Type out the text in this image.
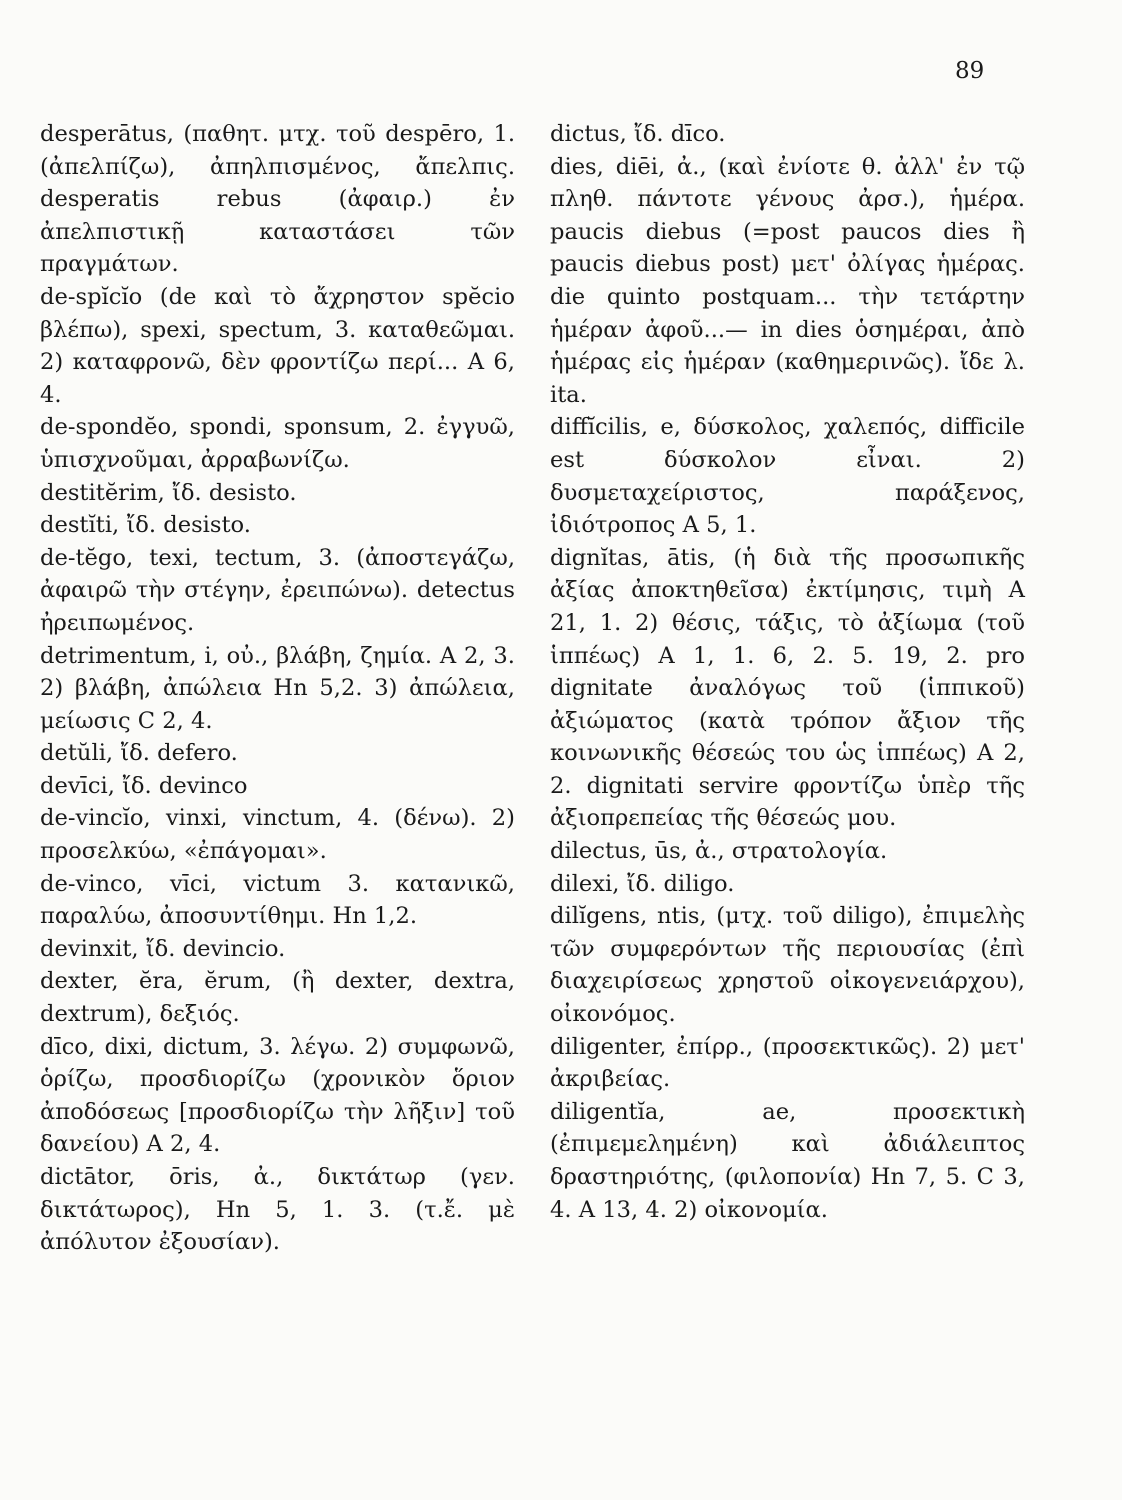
89

desperātus, (παθητ. μτχ. τοῦ despēro, 1. (ἀπελπίζω), ἀπηλπισμένος, ἄπελπις. desperatis rebus (ἀφαιρ.) ἐν ἀπελπιστικῇ καταστάσει τῶν πραγμάτων.

de-spĭcĭo (de καὶ τὸ ἄχρηστον spĕcio βλέπω), spexi, spectum, 3. καταθεῶμαι. 2) καταφρονῶ, δὲν φροντίζω περί... A 6, 4.

de-spondĕo, spondi, sponsum, 2. ἐγγυῶ, ὑπισχνοῦμαι, ἀρραβωνίζω.

destitĕrim, ἴδ. desisto.

destĭti, ἴδ. desisto.

de-tĕgo, texi, tectum, 3. (ἀποστεγάζω, ἀφαιρῶ τὴν στέγην, ἐρειπώνω). detectus ἠρειπωμένος.

detrimentum, i, οὐ., βλάβη, ζημία. A 2, 3. 2) βλάβη, ἀπώλεια Hn 5,2. 3) ἀπώλεια, μείωσις C 2, 4.

detŭli, ἴδ. defero.

devīci, ἴδ. devinco

de-vincĭo, vinxi, vinctum, 4. (δένω). 2) προσελκύω, «ἐπάγομαι».

de-vinco, vīci, victum 3. κατανικῶ, παραλύω, ἀποσυντίθημι. Hn 1,2.

devinxit, ἴδ. devincio.

dexter, ĕra, ĕrum, (ἢ dexter, dextra, dextrum), δεξιός.

dīco, dixi, dictum, 3. λέγω. 2) συμφωνῶ, ὁρίζω, προσδιορίζω (χρονικὸν ὅριον ἀποδόσεως [προσδιορίζω τὴν λῆξιν] τοῦ δανείου) A 2, 4.

dictātor, ōris, ἀ., δικτάτωρ (γεν. δικτάτωρος), Hn 5, 1. 3. (τ.ἔ. μὲ ἀπόλυτον ἐξουσίαν).

dictus, ἴδ. dīco.

dies, diēi, ἀ., (καὶ ἐνίοτε θ. ἀλλ' ἐν τῷ πληθ. πάντοτε γένους ἀρσ.), ἡμέρα. paucis diebus (=post paucos dies ἢ paucis diebus post) μετ' ὀλίγας ἡμέρας. die quinto postquam... τὴν τετάρτην ἡμέραν ἀφοῦ...— in dies ὁσημέραι, ἀπὸ ἡμέρας εἰς ἡμέραν (καθημερινῶς). ἴδε λ. ita.

diffĭcilis, e, δύσκολος, χαλεπός, difficile est δύσκολον εἶναι. 2) δυσμεταχείριστος, παράξενος, ἰδιότροπος A 5, 1.

dignĭtas, ātis, (ἡ διὰ τῆς προσωπικῆς ἀξίας ἀποκτηθεῖσα) ἐκτίμησις, τιμὴ A 21, 1. 2) θέσις, τάξις, τὸ ἀξίωμα (τοῦ ἱππέως) A 1, 1. 6, 2. 5. 19, 2. pro dignitate ἀναλόγως τοῦ (ἱππικοῦ) ἀξιώματος (κατὰ τρόπον ἄξιον τῆς κοινωνικῆς θέσεώς του ὡς ἱππέως) A 2, 2. dignitati servire φροντίζω ὑπὲρ τῆς ἀξιοπρεπείας τῆς θέσεώς μου.

dilectus, ūs, ἀ., στρατολογία.

dilexi, ἴδ. diligo.

dilĭgens, ntis, (μτχ. τοῦ diligo), ἐπιμελὴς τῶν συμφερόντων τῆς περιουσίας (ἐπὶ διαχειρίσεως χρηστοῦ οἰκογενειάρχου), οἰκονόμος.

diligenter, ἐπίρρ., (προσεκτικῶς). 2) μετ' ἀκριβείας.

diligentĭa, ae, προσεκτικὴ (ἐπιμεμελημένη) καὶ ἀδιάλειπτος δραστηριότης, (φιλοπονία) Hn 7, 5. C 3, 4. A 13, 4. 2) οἰκονομία.
